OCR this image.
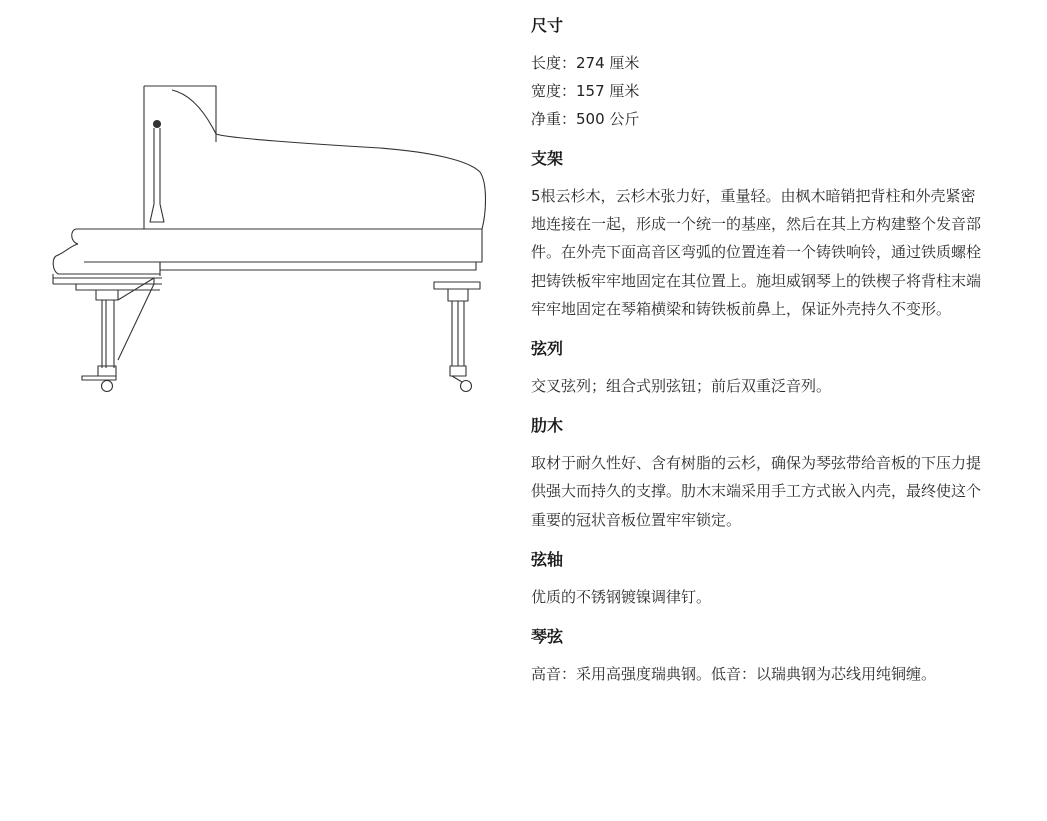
尺寸
长度：274 厘米
宽度：157 厘米
净重：500 公斤
支架

5根云杉木，云杉木张力好，重量轻。由枫木暗销把背柱和外壳紧密地连接在一起，形成一个统一的基座，然后在其上方构建整个发音部件。在外壳下面高音区弯弧的位置连着一个铸铁响铃，通过铁质螺栓把铸铁板牢牢地固定在其位置上。施坦威钢琴上的铁楔子将背柱末端牢牢地固定在琴箱横梁和铸铁板前鼻上，保证外壳持久不变形。

弦列

交叉弦列；组合式别弦钮；前后双重泛音列。

肋木

取材于耐久性好、含有树脂的云杉，确保为琴弦带给音板的下压力提供强大而持久的支撑。肋木末端采用手工方式嵌入内壳，最终使这个重要的冠状音板位置牢牢锁定。

弦轴

优质的不锈钢镀镍调律钉。

琴弦

高音：采用高强度瑞典钢。低音：以瑞典钢为芯线用纯铜缠。
